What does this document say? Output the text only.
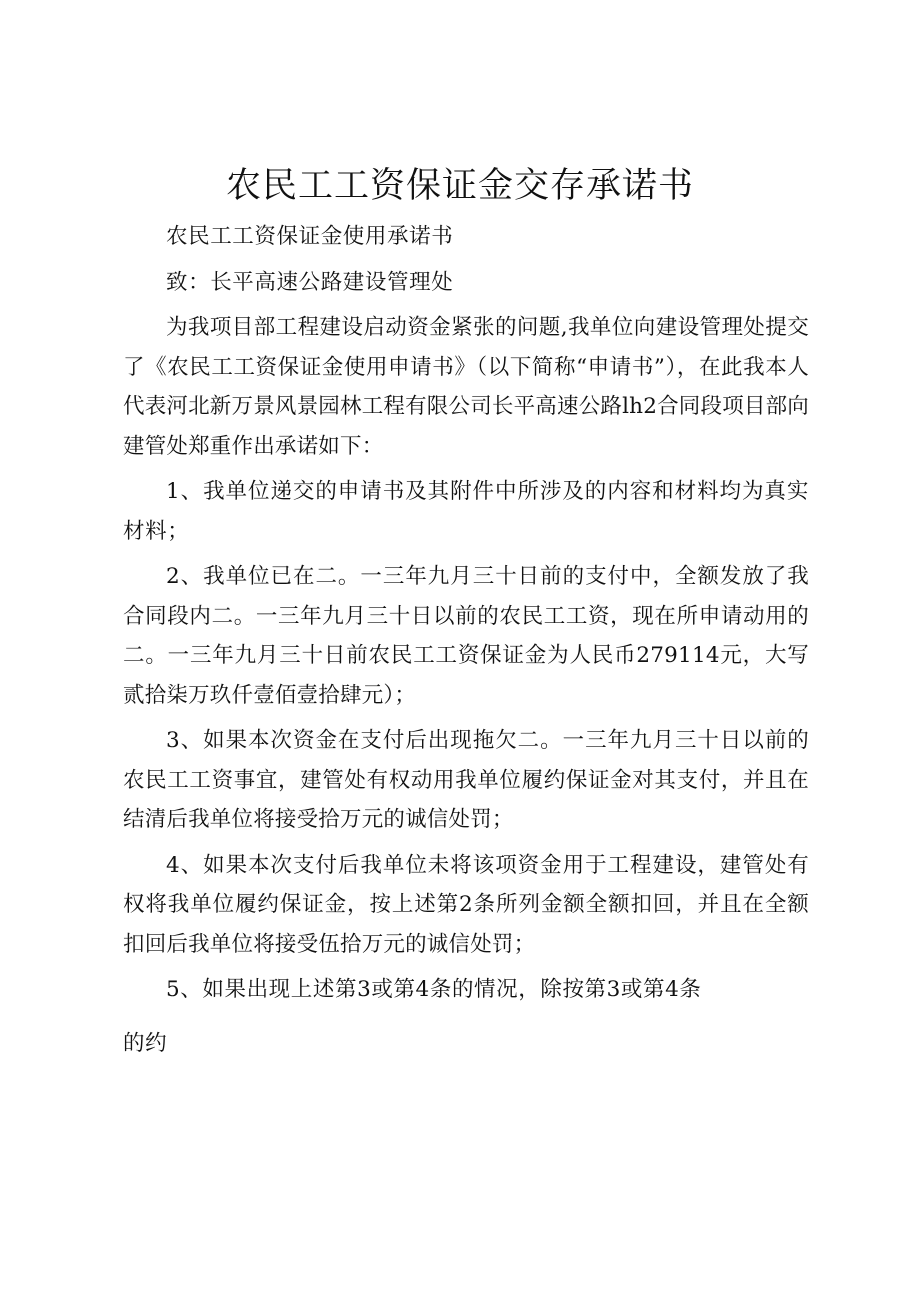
农民工工资保证金交存承诺书

农民工工资保证金使用承诺书

致：长平高速公路建设管理处

为我项目部工程建设启动资金紧张的问题,我单位向建设管理处提交了《农民工工资保证金使用申请书》（以下简称“申请书”），在此我本人代表河北新万景风景园林工程有限公司长平高速公路lh2合同段项目部向建管处郑重作出承诺如下：

1、我单位递交的申请书及其附件中所涉及的内容和材料均为真实材料；

2、我单位已在二。一三年九月三十日前的支付中，全额发放了我合同段内二。一三年九月三十日以前的农民工工资，现在所申请动用的二。一三年九月三十日前农民工工资保证金为人民币279114元，大写贰拾柒万玖仟壹佰壹拾肆元）；

3、如果本次资金在支付后出现拖欠二。一三年九月三十日以前的农民工工资事宜，建管处有权动用我单位履约保证金对其支付，并且在结清后我单位将接受拾万元的诚信处罚；

4、如果本次支付后我单位未将该项资金用于工程建设，建管处有权将我单位履约保证金，按上述第2条所列金额全额扣回，并且在全额扣回后我单位将接受伍拾万元的诚信处罚；

5、如果出现上述第3或第4条的情况，除按第3或第4条

的约
